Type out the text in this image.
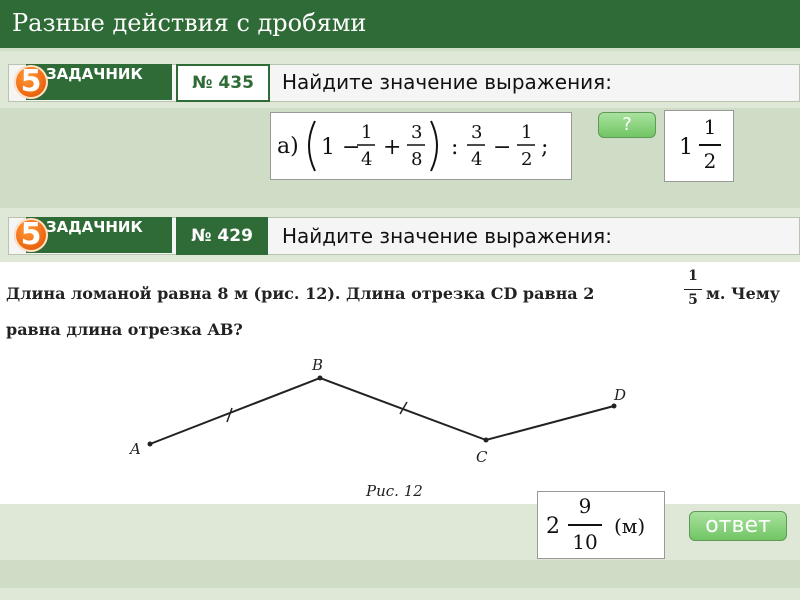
Разные действия с дробями
ЗАДАЧНИК
5	№ 435	Найдите значение выражения:
а) 1 −
1
4 +
3
8 :
3
4 −
1
2 ;
?
1
1
2
ЗАДАЧНИК
5	№ 429	Найдите значение выражения:
Длина ломаной равна 8 м (рис. 12). Длина отрезка CD равна 2
1
5 м. Чему
равна длина отрезка AB?
A
B
C
D
Рис. 12
2
9
10
(м)	ответ
